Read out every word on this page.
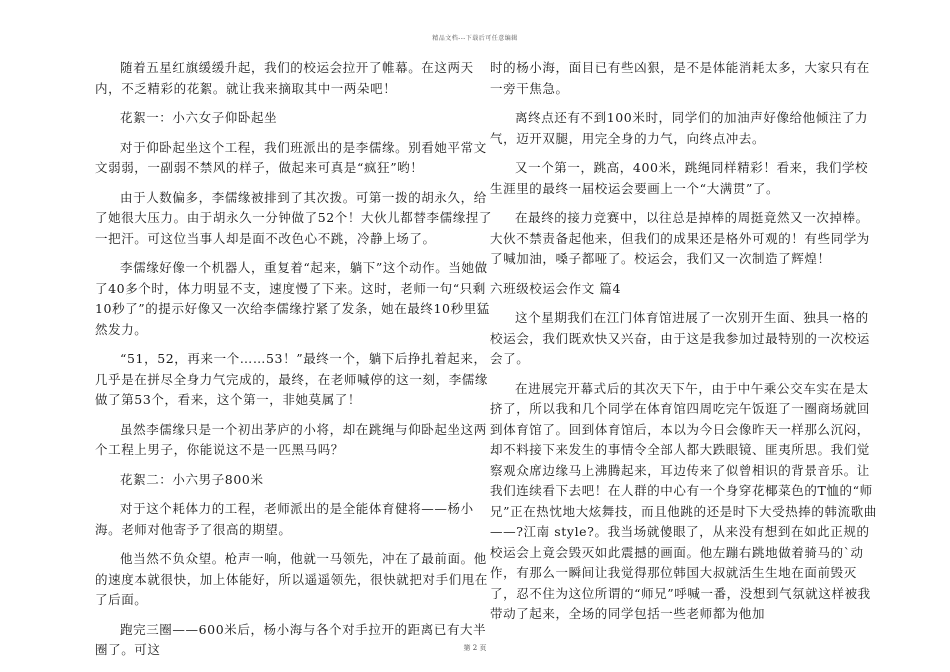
精品文档---下载后可任意编辑

随着五星红旗缓缓升起，我们的校运会拉开了帷幕。在这两天内，不乏精彩的花絮。就让我来摘取其中一两朵吧！

花絮一：小六女子仰卧起坐

对于仰卧起坐这个工程，我们班派出的是李儒缘。别看她平常文文弱弱，一副弱不禁风的样子，做起来可真是“疯狂”哟！

由于人数偏多，李儒缘被排到了其次拨。可第一拨的胡永久，给了她很大压力。由于胡永久一分钟做了52个！大伙儿都替李儒缘捏了一把汗。可这位当事人却是面不改色心不跳，冷静上场了。

李儒缘好像一个机器人，重复着“起来，躺下”这个动作。当她做了40多个时，体力明显不支，速度慢了下来。这时，老师一句“只剩10秒了”的提示好像又一次给李儒缘拧紧了发条，她在最终10秒里猛然发力。

“51，52，再来一个……53！”最终一个，躺下后挣扎着起来，几乎是在拼尽全身力气完成的，最终，在老师喊停的这一刻，李儒缘做了第53个，看来，这个第一，非她莫属了！

虽然李儒缘只是一个初出茅庐的小将，却在跳绳与仰卧起坐这两个工程上男子，你能说这不是一匹黑马吗？

花絮二：小六男子800米

对于这个耗体力的工程，老师派出的是全能体育健将——杨小海。老师对他寄予了很高的期望。

他当然不负众望。枪声一响，他就一马领先，冲在了最前面。他的速度本就很快，加上体能好，所以遥遥领先，很快就把对手们甩在了后面。

跑完三圈——600米后，杨小海与各个对手拉开的距离已有大半圈了。可这

时的杨小海，面目已有些凶狠，是不是体能消耗太多，大家只有在一旁干焦急。

离终点还有不到100米时，同学们的加油声好像给他倾注了力气，迈开双腿，用完全身的力气，向终点冲去。

又一个第一，跳高，400米，跳绳同样精彩！看来，我们学校生涯里的最终一届校运会要画上一个“大满贯”了。

在最终的接力竞赛中，以往总是掉棒的周挺竟然又一次掉棒。大伙不禁责备起他来，但我们的成果还是格外可观的！有些同学为了喊加油，嗓子都哑了。校运会，我们又一次制造了辉煌！

六班级校运会作文 篇4

这个星期我们在江门体育馆进展了一次别开生面、独具一格的校运会，我们既欢快又兴奋，由于这是我参加过最特别的一次校运会了。

在进展完开幕式后的其次天下午，由于中午乘公交车实在是太挤了，所以我和几个同学在体育馆四周吃完午饭逛了一圈商场就回到体育馆了。回到体育馆后，本以为今日会像昨天一样那么沉闷，却不料接下来发生的事情令全部人都大跌眼镜、匪夷所思。我们觉察观众席边缘马上沸腾起来，耳边传来了似曾相识的背景音乐。让我们连续看下去吧！在人群的中心有一个身穿花椰菜色的T恤的“师兄”正在热忱地大炫舞技，而且他跳的还是时下大受热捧的韩流歌曲——?江南 style?。我当场就傻眼了，从来没有想到在如此正规的校运会上竟会毁灭如此震撼的画面。他左蹦右跳地做着骑马的`动作，有那么一瞬间让我觉得那位韩国大叔就活生生地在面前毁灭了，忍不住为这位所谓的“师兄”呼喊一番，没想到气氛就这样被我带动了起来，全场的同学包括一些老师都为他加

第 2 页
